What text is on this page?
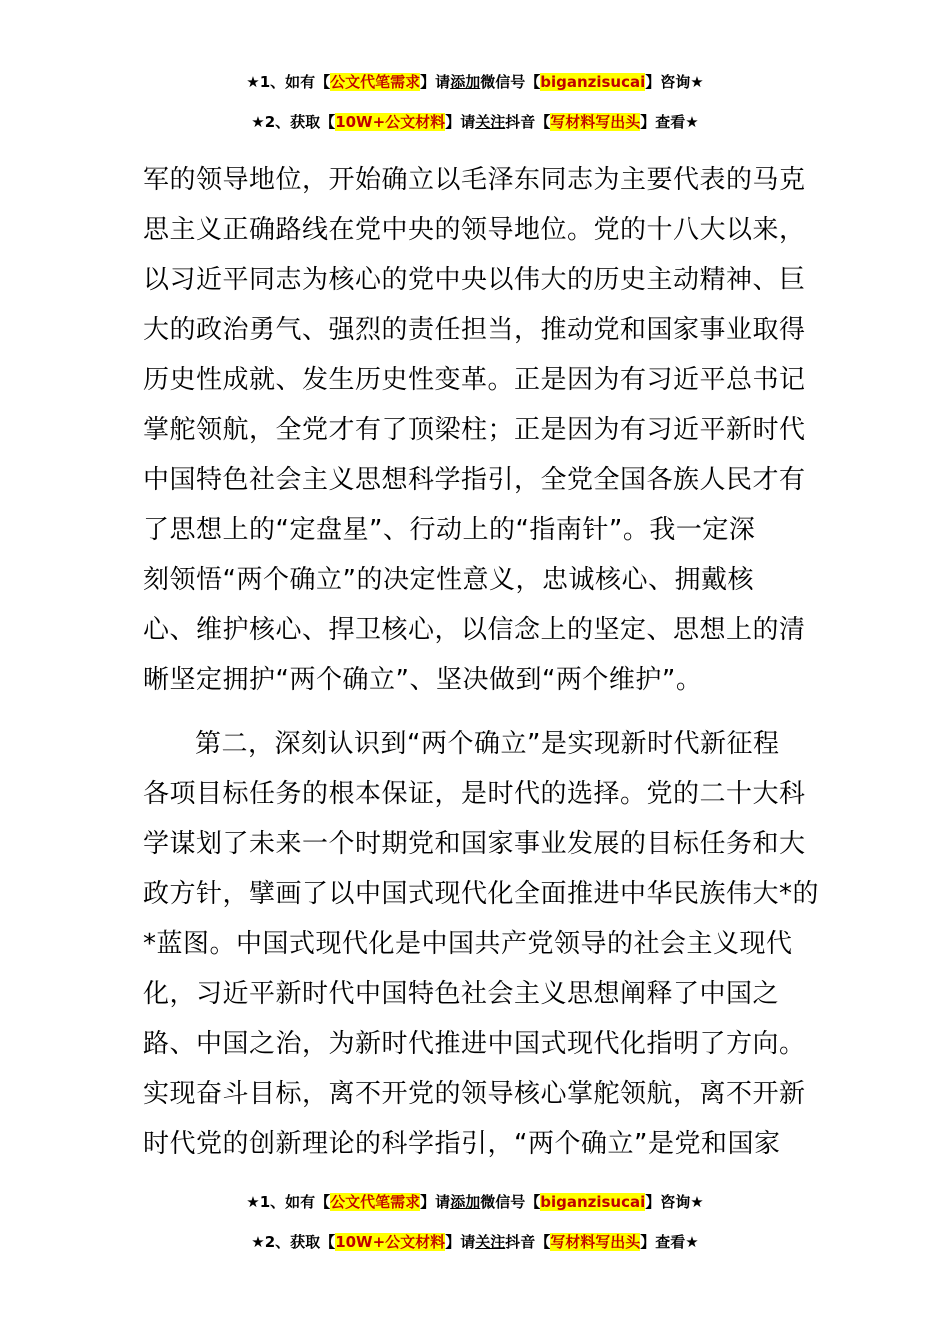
★1、如有【公文代笔需求】请添加微信号【biganzisucai】咨询★
★2、获取【10W+公文材料】请关注抖音【写材料写出头】查看★
军的领导地位，开始确立以毛泽东同志为主要代表的马克
思主义正确路线在党中央的领导地位。党的十八大以来，
以习近平同志为核心的党中央以伟大的历史主动精神、巨
大的政治勇气、强烈的责任担当，推动党和国家事业取得
历史性成就、发生历史性变革。正是因为有习近平总书记
掌舵领航，全党才有了顶梁柱；正是因为有习近平新时代
中国特色社会主义思想科学指引，全党全国各族人民才有
了思想上的“定盘星”、行动上的“指南针”。我一定深
刻领悟“两个确立”的决定性意义，忠诚核心、拥戴核
心、维护核心、捍卫核心，以信念上的坚定、思想上的清
晰坚定拥护“两个确立”、坚决做到“两个维护”。
第二，深刻认识到“两个确立”是实现新时代新征程
各项目标任务的根本保证，是时代的选择。党的二十大科
学谋划了未来一个时期党和国家事业发展的目标任务和大
政方针，擘画了以中国式现代化全面推进中华民族伟大*的
*蓝图。中国式现代化是中国共产党领导的社会主义现代
化，习近平新时代中国特色社会主义思想阐释了中国之
路、中国之治，为新时代推进中国式现代化指明了方向。
实现奋斗目标，离不开党的领导核心掌舵领航，离不开新
时代党的创新理论的科学指引，“两个确立”是党和国家
★1、如有【公文代笔需求】请添加微信号【biganzisucai】咨询★
★2、获取【10W+公文材料】请关注抖音【写材料写出头】查看★
